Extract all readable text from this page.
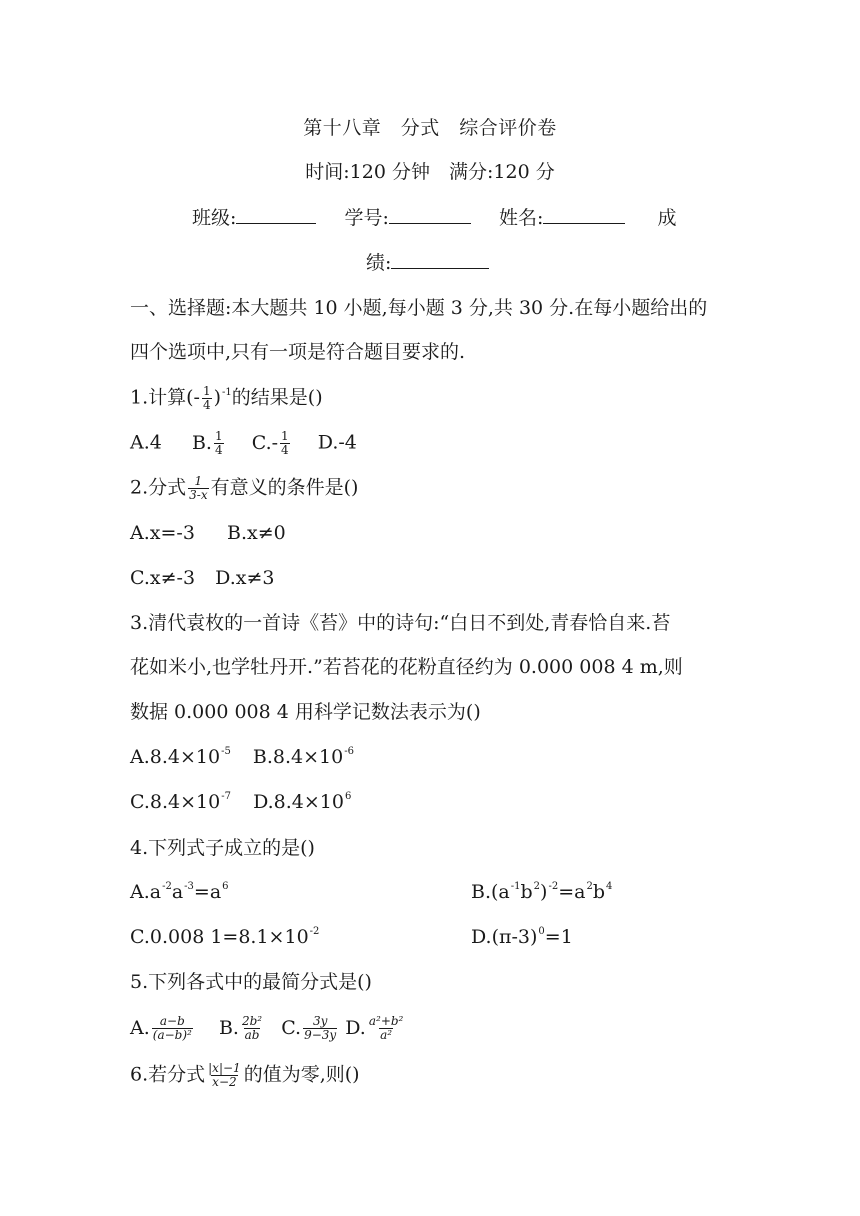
第十八章　分式　综合评价卷
时间:120 分钟　满分:120 分
班级:	学号:	姓名:	成
绩:
一、选择题:本大题共 10 小题,每小题 3 分,共 30 分.在每小题给出的
四个选项中,只有一项是符合题目要求的.
1.计算(- $\frac{1}{4} )^{-1}$的结果是()
A.4 B. $\frac{1}{4} C.- \frac{1}{4} D.-4$
2.分式 $\frac{1}{3-x}$ 有意义的条件是()
A.x=-3 B.x≠0
C.x≠-3 D.x≠3
3.清代袁枚的一首诗《苔》中的诗句:“白日不到处,青春恰自来.苔
花如米小,也学牡丹开.”若苔花的花粉直径约为 0.000 008 4 m,则
数据 0.000 008 4 用科学记数法表示为()
$A.8.4\times 10^{-5}$ $B.8.4\times 10^{-6}$
$C.8.4\times 10^{-7}$ $D.8.4\times 10^6$
4.下列式子成立的是()
$A.a^{-2}a^{-3}=a^6$	$B.(a^{-1}b^2)^{-2}=a^2b^4$
C.0.008 $1=8.1\times 10^{-2}$	$D.(\pi-3)^0=1$
5.下列各式中的最简分式是()
A. $\frac{a-b}{\text{(a−b)²}} B$. $\frac{\text{2b²}}{ab} C$. $\frac{3y}{9-3y} D$. $\frac{\text{a²+b²}}{\text{a²}}$
6.若分式 $\frac{|x|-1}{x-2}$ 的值为零,则()
